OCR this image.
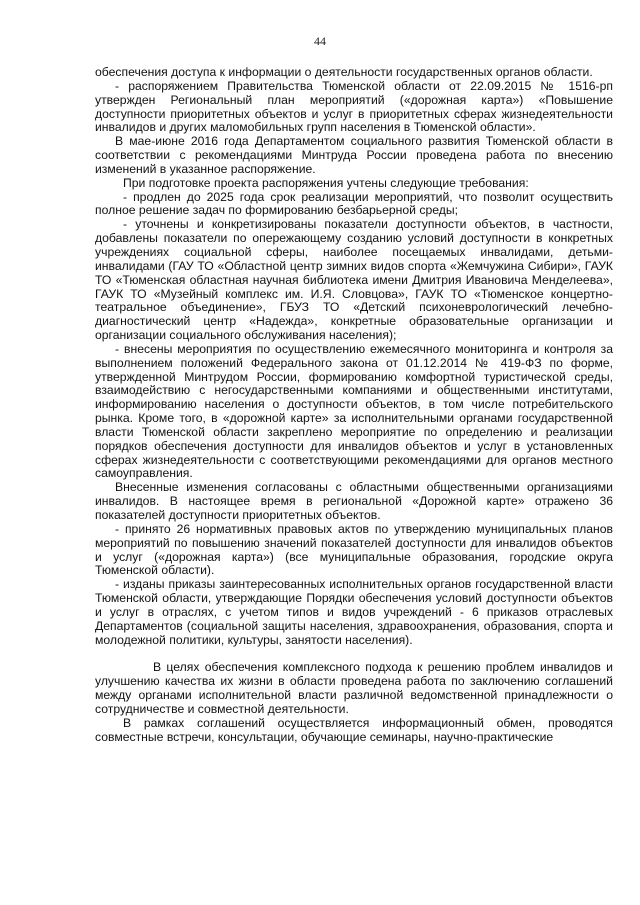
44

обеспечения доступа к информации о деятельности государственных органов области.

- распоряжением Правительства Тюменской области от 22.09.2015 № 1516-рп утвержден Региональный план мероприятий («дорожная карта») «Повышение доступности приоритетных объектов и услуг в приоритетных сферах жизнедеятельности инвалидов и других маломобильных групп населения в Тюменской области».

В мае-июне 2016 года Департаментом социального развития Тюменской области в соответствии с рекомендациями Минтруда России проведена работа по внесению изменений в указанное распоряжение.

При подготовке проекта распоряжения учтены следующие требования:

- продлен до 2025 года срок реализации мероприятий, что позволит осуществить полное решение задач по формированию безбарьерной среды;

- уточнены и конкретизированы показатели доступности объектов, в частности, добавлены показатели по опережающему созданию условий доступности в конкретных учреждениях социальной сферы, наиболее посещаемых инвалидами, детьми-инвалидами (ГАУ ТО «Областной центр зимних видов спорта «Жемчужина Сибири», ГАУК ТО «Тюменская областная научная библиотека имени Дмитрия Ивановича Менделеева», ГАУК ТО «Музейный комплекс им. И.Я. Словцова», ГАУК ТО «Тюменское концертно-театральное объединение», ГБУЗ ТО «Детский психоневрологический лечебно-диагностический центр «Надежда», конкретные образовательные организации и организации социального обслуживания населения);

- внесены мероприятия по осуществлению ежемесячного мониторинга и контроля за выполнением положений Федерального закона от 01.12.2014 № 419-ФЗ по форме, утвержденной Минтрудом России, формированию комфортной туристической среды, взаимодействию с негосударственными компаниями и общественными институтами, информированию населения о доступности объектов, в том числе потребительского рынка. Кроме того, в «дорожной карте» за исполнительными органами государственной власти Тюменской области закреплено мероприятие по определению и реализации порядков обеспечения доступности для инвалидов объектов и услуг в установленных сферах жизнедеятельности с соответствующими рекомендациями для органов местного самоуправления.

Внесенные изменения согласованы с областными общественными организациями инвалидов. В настоящее время в региональной «Дорожной карте» отражено 36 показателей доступности приоритетных объектов.

- принято 26 нормативных правовых актов по утверждению муниципальных планов мероприятий по повышению значений показателей доступности для инвалидов объектов и услуг («дорожная карта») (все муниципальные образования, городские округа Тюменской области).

- изданы приказы заинтересованных исполнительных органов государственной власти Тюменской области, утверждающие Порядки обеспечения условий доступности объектов и услуг в отраслях, с учетом типов и видов учреждений - 6 приказов отраслевых Департаментов (социальной защиты населения, здравоохранения, образования, спорта и молодежной политики, культуры, занятости населения).

В целях обеспечения комплексного подхода к решению проблем инвалидов и улучшению качества их жизни в области проведена работа по заключению соглашений между органами исполнительной власти различной ведомственной принадлежности о сотрудничестве и совместной деятельности.

В рамках соглашений осуществляется информационный обмен, проводятся совместные встречи, консультации, обучающие семинары, научно-практические
